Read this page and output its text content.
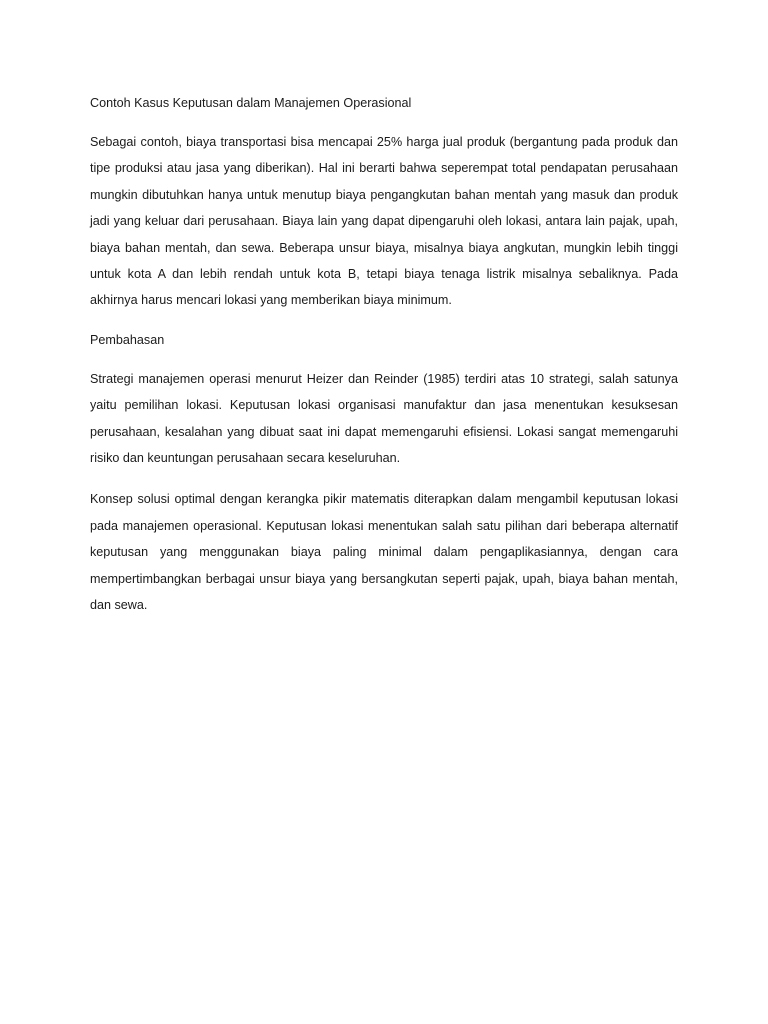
Contoh Kasus Keputusan dalam Manajemen Operasional

Sebagai contoh, biaya transportasi bisa mencapai 25% harga jual produk (bergantung pada produk dan tipe produksi atau jasa yang diberikan). Hal ini berarti bahwa seperempat total pendapatan perusahaan mungkin dibutuhkan hanya untuk menutup biaya pengangkutan bahan mentah yang masuk dan produk jadi yang keluar dari perusahaan. Biaya lain yang dapat dipengaruhi oleh lokasi, antara lain pajak, upah, biaya bahan mentah, dan sewa. Beberapa unsur biaya, misalnya biaya angkutan, mungkin lebih tinggi untuk kota A dan lebih rendah untuk kota B, tetapi biaya tenaga listrik misalnya sebaliknya. Pada akhirnya harus mencari lokasi yang memberikan biaya minimum.

Pembahasan

Strategi manajemen operasi menurut Heizer dan Reinder (1985) terdiri atas 10 strategi, salah satunya yaitu pemilihan lokasi. Keputusan lokasi organisasi manufaktur dan jasa menentukan kesuksesan perusahaan, kesalahan yang dibuat saat ini dapat memengaruhi efisiensi. Lokasi sangat memengaruhi risiko dan keuntungan perusahaan secara keseluruhan.

Konsep solusi optimal dengan kerangka pikir matematis diterapkan dalam mengambil keputusan lokasi pada manajemen operasional. Keputusan lokasi menentukan salah satu pilihan dari beberapa alternatif keputusan yang menggunakan biaya paling minimal dalam pengaplikasiannya, dengan cara mempertimbangkan berbagai unsur biaya yang bersangkutan seperti pajak, upah, biaya bahan mentah, dan sewa.
